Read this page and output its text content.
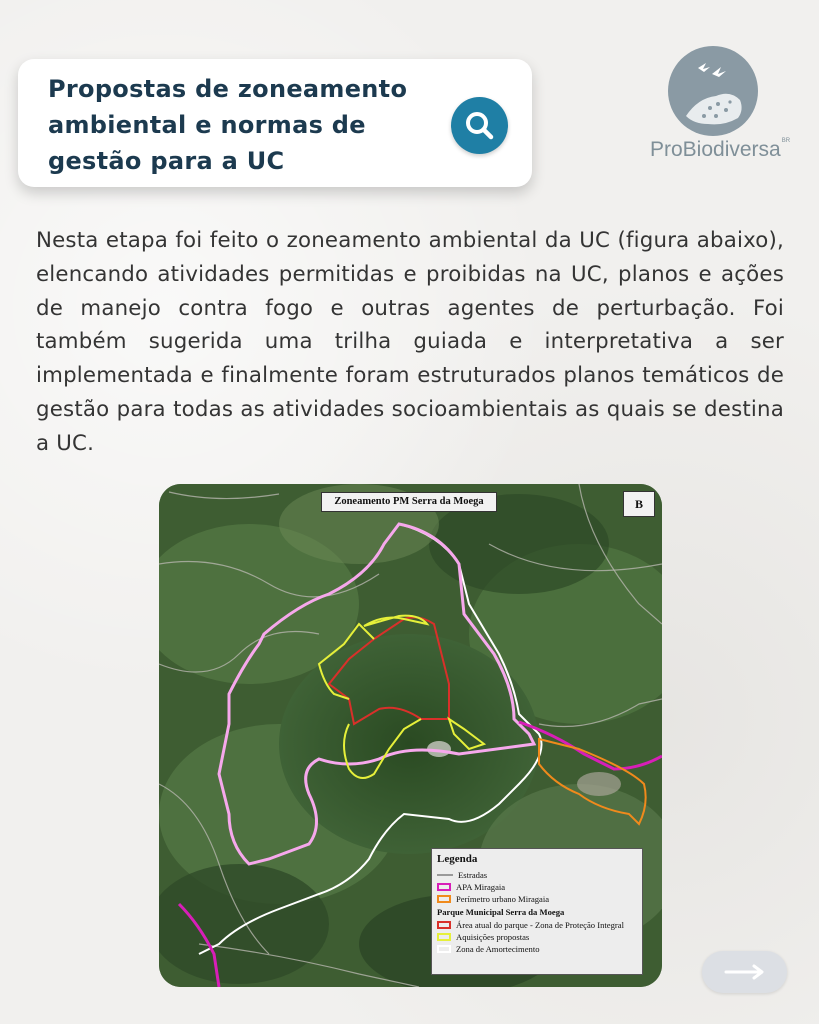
Propostas de zoneamento ambiental e normas de gestão para a UC	ProBiodiversa$^{BR}$
Nesta etapa foi feito o zoneamento ambiental da UC (figura abaixo), elencando atividades permitidas e proibidas na UC, planos e ações de manejo contra fogo e outras agentes de perturbação. Foi também sugerida uma trilha guiada e interpretativa a ser implementada e finalmente foram estruturados planos temáticos de gestão para todas as atividades socioambientais as quais se destina a UC.
Zoneamento PM Serra da Moega	B
Legenda
Estradas
APA Miragaia
Perímetro urbano Miragaia
Parque Municipal Serra da Moega
Área atual do parque - Zona de Proteção Integral
Aquisições propostas
Zona de Amortecimento
